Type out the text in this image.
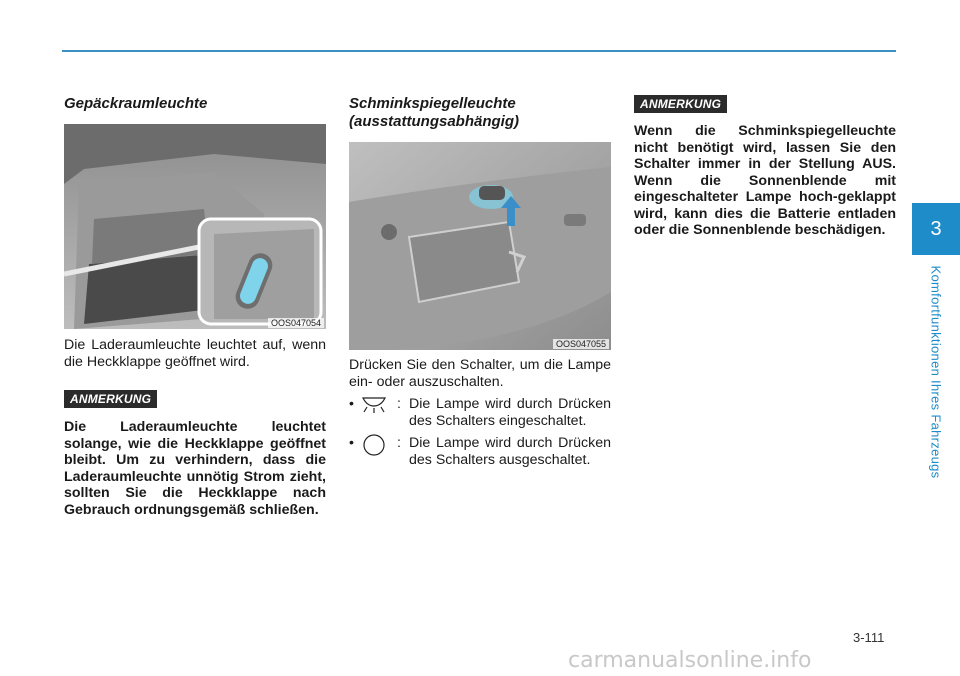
Gepäckraumleuchte
OOS047054

Die Laderaumleuchte leuchtet auf, wenn die Heckklappe geöffnet wird.

ANMERKUNG

Die Laderaumleuchte leuchtet solange, wie die Heckklappe geöffnet bleibt. Um zu verhindern, dass die Laderaumleuchte unnötig Strom zieht, sollten Sie die Heckklappe nach Gebrauch ordnungsgemäß schließen.

Schminkspiegelleuchte
(ausstattungsabhängig)
OOS047055

Drücken Sie den Schalter, um die Lampe ein- oder auszuschalten.

•	: Die Lampe wird durch Drücken des Schalters eingeschaltet.
•	: Die Lampe wird durch Drücken des Schalters ausgeschaltet.
ANMERKUNG

Wenn die Schminkspiegelleuchte nicht benötigt wird, lassen Sie den Schalter immer in der Stellung AUS. Wenn die Sonnenblende mit eingeschalteter Lampe hoch-geklappt wird, kann dies die Batterie entladen oder die Sonnenblende beschädigen.	3
Komfortfunktionen Ihres Fahrzeugs
3-111
carmanualsonline.info
